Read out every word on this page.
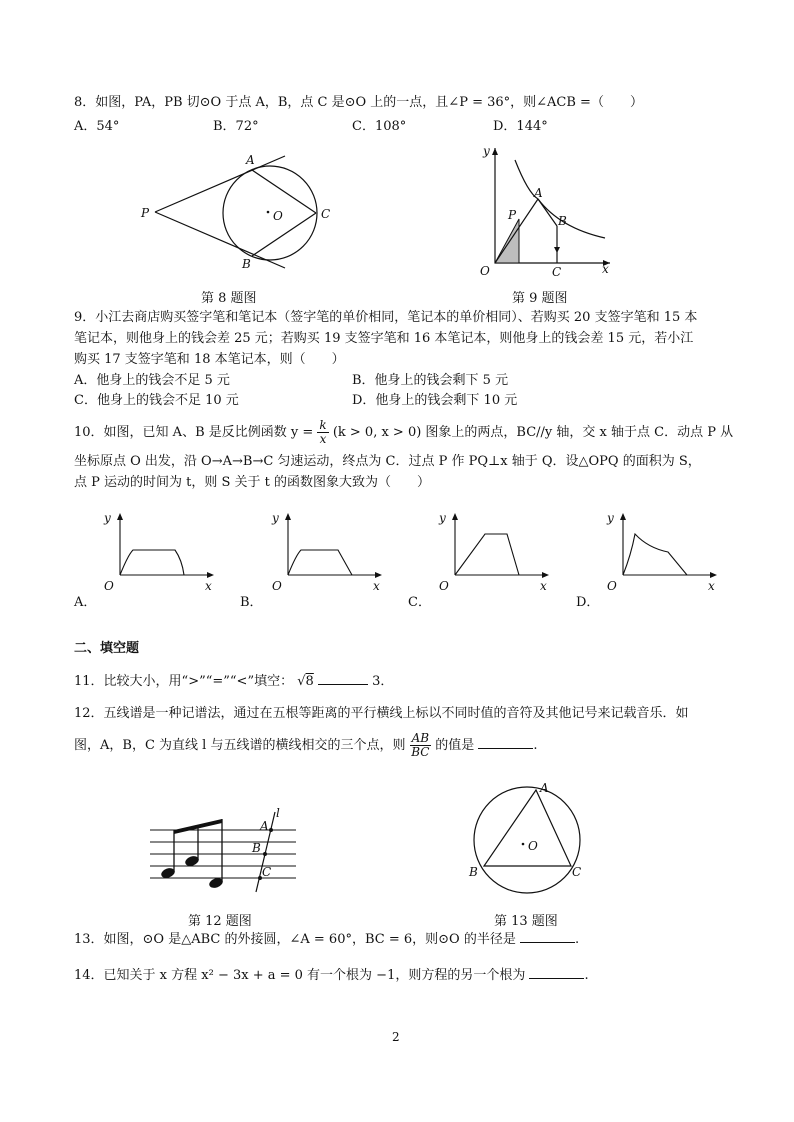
8．如图，PA，PB 切⊙O 于点 A，B，点 C 是⊙O 上的一点，且∠P = 36°，则∠ACB =（　　）
A．54°	B．72°	C．108°	D．144°
P
A
B
O	C
第 8 题图
y
x
O
P
A
B
C
第 9 题图
9．小江去商店购买签字笔和笔记本（签字笔的单价相同，笔记本的单价相同）、若购买 20 支签字笔和 15 本
笔记本，则他身上的钱会差 25 元；若购买 19 支签字笔和 16 本笔记本，则他身上的钱会差 15 元，若小江
购买 17 支签字笔和 18 本笔记本，则（　　）
A．他身上的钱会不足 5 元	B．他身上的钱会剩下 5 元
C．他身上的钱会不足 10 元	D．他身上的钱会剩下 10 元
10．如图，已知 A、B 是反比例函数 $y = \frac{k}{x} (k > 0$, x > 0) 图象上的两点，BC//y 轴，交 x 轴于点 C．动点 P 从
坐标原点 O 出发，沿 O→A→B→C 匀速运动，终点为 C．过点 P 作 PQ⊥x 轴于 Q．设△OPQ 的面积为 S，
点 P 运动的时间为 t，则 S 关于 t 的函数图象大致为（　　）
y
x
O
y
x
O
y
x
O
y
x
O
A．	B．	C．	D．
二、填空题
11．比较大小，用“>”“=”“<”填空： √8	3．
12．五线谱是一种记谱法，通过在五根等距离的平行横线上标以不同时值的音符及其他记号来记载音乐．如
图，A，B，C 为直线 l 与五线谱的横线相交的三个点，则 $\frac{AB}{BC}$ 的值是	.
A
B
C
l
第 12 题图
A
B	C
O
第 13 题图
13．如图，⊙O 是△ABC 的外接圆，∠A = 60°，BC = 6，则⊙O 的半径是	.
14．已知关于 x 方程 x² − 3x + a = 0 有一个根为 −1，则方程的另一个根为	.
2
